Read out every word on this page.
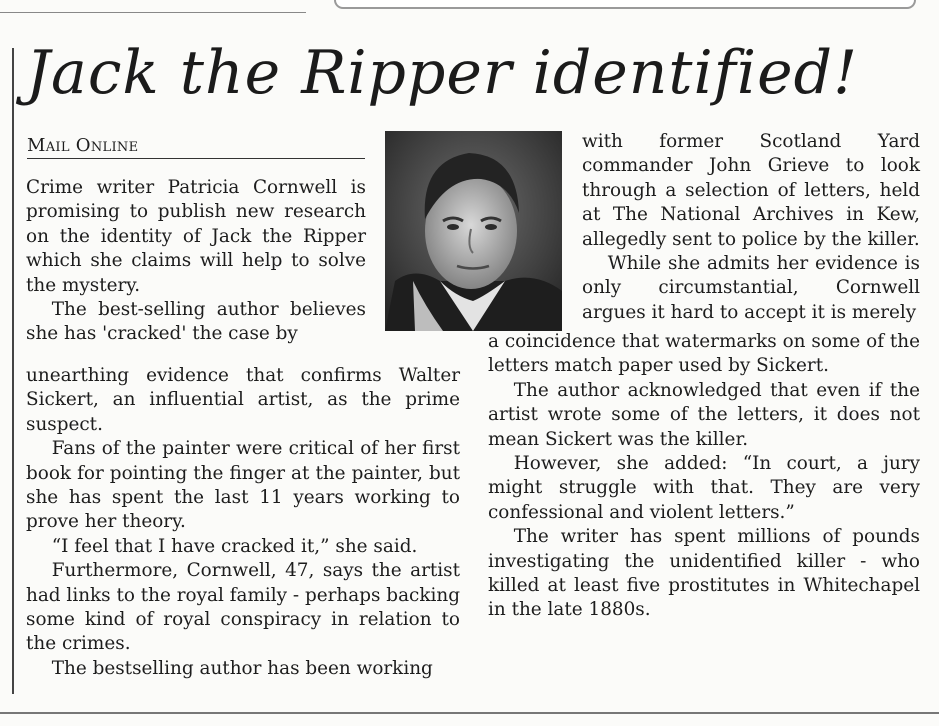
Jack the Ripper identified!
Mail Online

Crime writer Patricia Cornwell is promising to publish new research on the identity of Jack the Ripper which she claims will help to solve the mystery.

The best-selling author believes she has 'cracked' the case by

unearthing evidence that confirms Walter Sickert, an influential artist, as the prime suspect.

Fans of the painter were critical of her first book for pointing the finger at the painter, but she has spent the last 11 years working to prove her theory.

“I feel that I have cracked it,” she said.

Furthermore, Cornwell, 47, says the artist had links to the royal family - perhaps backing some kind of royal conspiracy in relation to the crimes.

The bestselling author has been working

with former Scotland Yard commander John Grieve to look through a selection of letters, held at The National Archives in Kew, allegedly sent to police by the killer.

While she admits her evidence is only circumstantial, Cornwell argues it hard to accept it is merely

a coincidence that watermarks on some of the letters match paper used by Sickert.

The author acknowledged that even if the artist wrote some of the letters, it does not mean Sickert was the killer.

However, she added: “In court, a jury might struggle with that. They are very confessional and violent letters.”

The writer has spent millions of pounds investigating the unidentified killer - who killed at least five prostitutes in Whitechapel in the late 1880s.
